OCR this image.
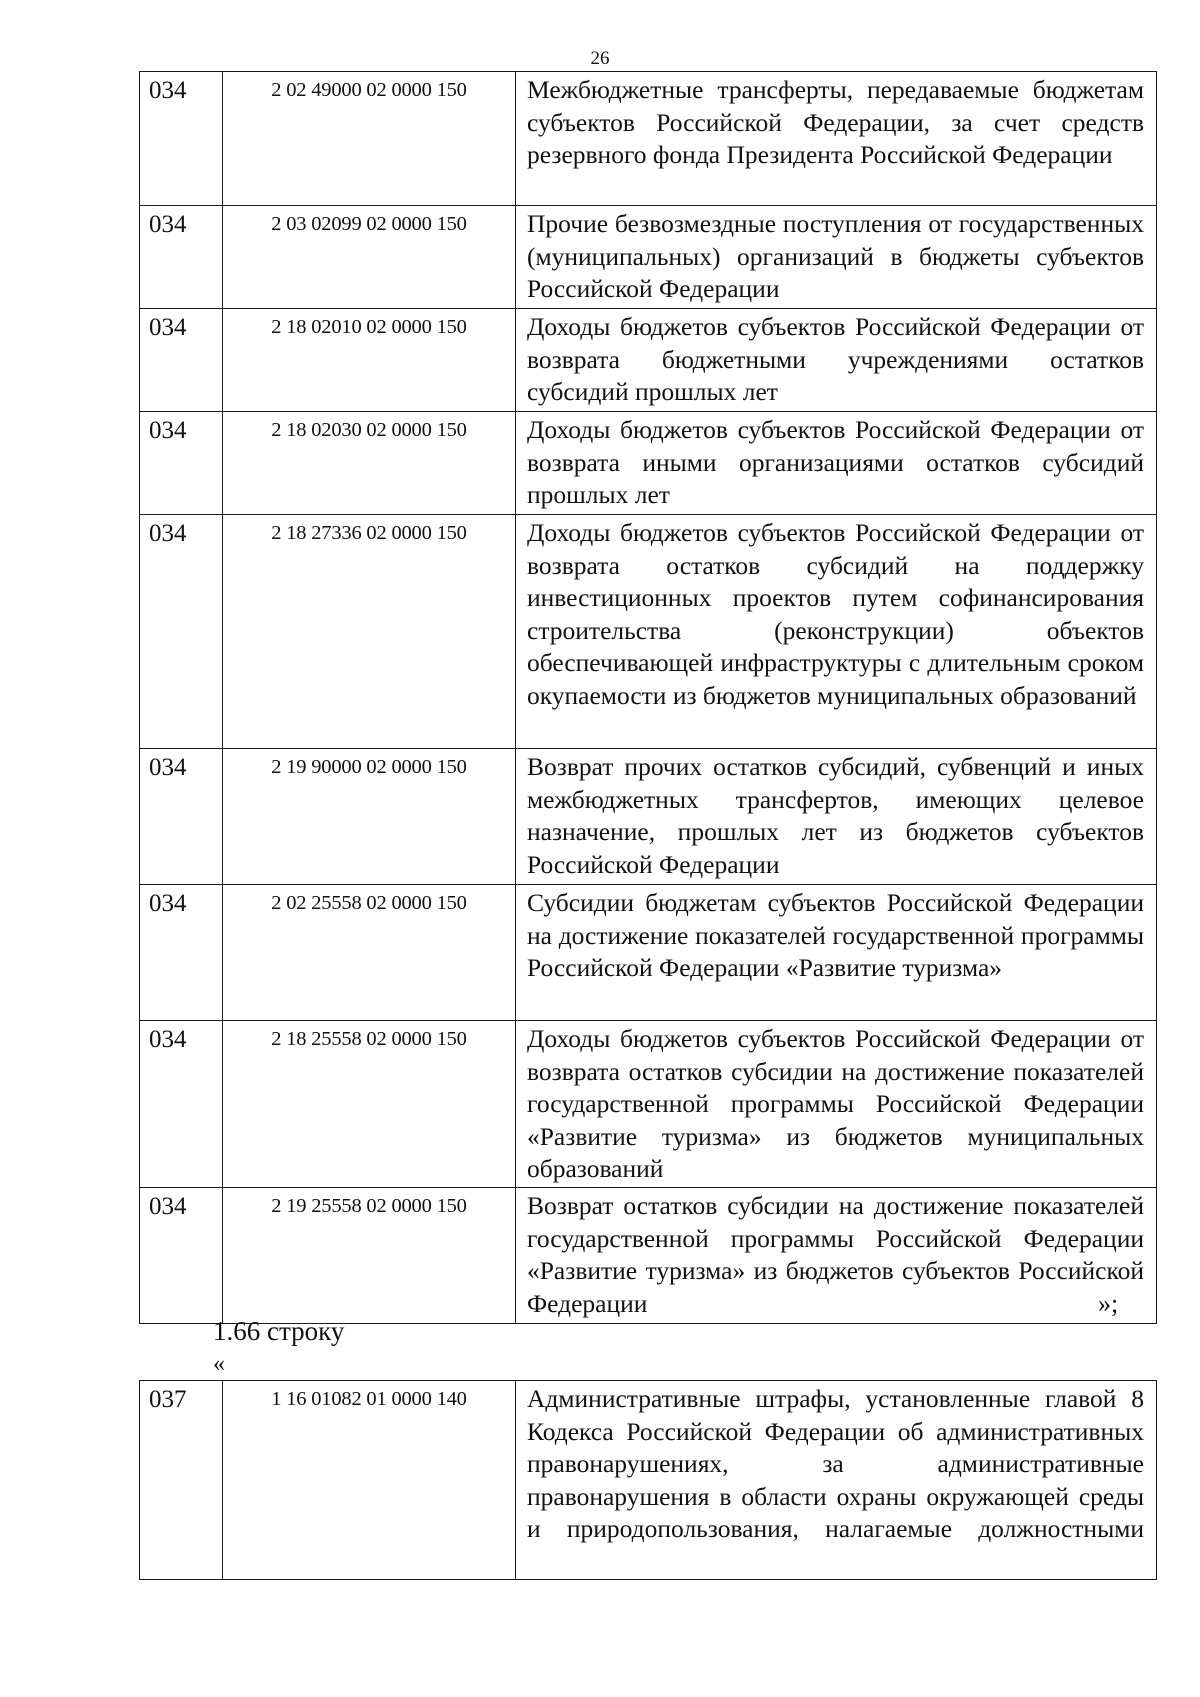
26
034	2 02 49000 02 0000 150	Межбюджетные трансферты, передаваемые бюджетам субъектов Российской Федерации, за счет средств резервного фонда Президента Российской Федерации
034	2 03 02099 02 0000 150	Прочие безвозмездные поступления от государственных (муниципальных) организаций в бюджеты субъектов Российской Федерации
034	2 18 02010 02 0000 150	Доходы бюджетов субъектов Российской Федерации от возврата бюджетными учреждениями остатков субсидий прошлых лет
034	2 18 02030 02 0000 150	Доходы бюджетов субъектов Российской Федерации от возврата иными организациями остатков субсидий прошлых лет
034	2 18 27336 02 0000 150	Доходы бюджетов субъектов Российской Федерации от возврата остатков субсидий на поддержку инвестиционных проектов путем софинансирования строительства (реконструкции) объектов обеспечивающей инфраструктуры с длительным сроком окупаемости из бюджетов муниципальных образований
034	2 19 90000 02 0000 150	Возврат прочих остатков субсидий, субвенций и иных межбюджетных трансфертов, имеющих целевое назначение, прошлых лет из бюджетов субъектов Российской Федерации
034	2 02 25558 02 0000 150	Субсидии бюджетам субъектов Российской Федерации на достижение показателей государственной программы Российской Федерации «Развитие туризма»
034	2 18 25558 02 0000 150	Доходы бюджетов субъектов Российской Федерации от возврата остатков субсидии на достижение показателей государственной программы Российской Федерации «Развитие туризма» из бюджетов муниципальных образований
034	2 19 25558 02 0000 150	Возврат остатков субсидии на достижение показателей государственной программы Российской Федерации «Развитие туризма» из бюджетов субъектов Российской Федерации	»;
1.66 строку
«
037	1 16 01082 01 0000 140	Административные штрафы, установленные главой 8 Кодекса Российской Федерации об административных правонарушениях, за административные правонарушения в области охраны окружающей среды и природопользования, налагаемые должностными
